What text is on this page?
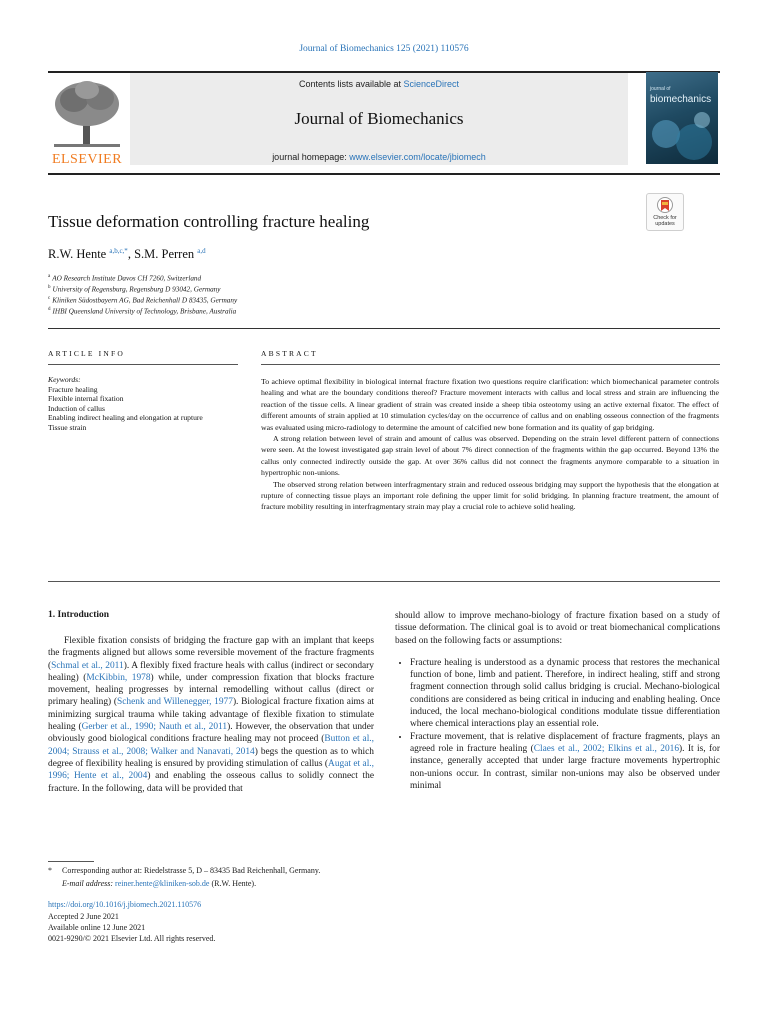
Journal of Biomechanics 125 (2021) 110576
ELSEVIER
Contents lists available at ScienceDirect
Journal of Biomechanics
journal homepage: www.elsevier.com/locate/jbiomech
journal of
biomechanics
Check for
updates
Tissue deformation controlling fracture healing
R.W. Hente $^{a,b,c,*}$, S.M. Perren $^{a,d}$
$^a$ AO Research Institute Davos CH 7260, Switzerland
$^b$ University of Regensburg, Regensburg D 93042, Germany
$^c$ Kliniken Südostbayern AG, Bad Reichenhall D 83435, Germany
$^d$ IHBI Queensland University of Technology, Brisbane, Australia
ARTICLE INFO
Keywords:
Fracture healing
Flexible internal fixation
Induction of callus
Enabling indirect healing and elongation at rupture
Tissue strain
ABSTRACT

To achieve optimal flexibility in biological internal fracture fixation two questions require clarification: which biomechanical parameter controls healing and what are the boundary conditions thereof? Fracture movement interacts with callus and local stress and strain are influencing the reaction of the tissue cells. A linear gradient of strain was created inside a sheep tibia osteotomy using an active external fixator. The effect of different amounts of strain applied at 10 stimulation cycles/day on the occurrence of callus and on enabling osseous connection of the fragments was evaluated using micro-radiology to determine the amount of calcified new bone formation and its quality of gap bridging.

A strong relation between level of strain and amount of callus was observed. Depending on the strain level different pattern of connections were seen. At the lowest investigated gap strain level of about 7% direct connection of the fragments within the gap occurred. Beyond 13% the callus only connected indirectly outside the gap. At over 36% callus did not connect the fragments anymore comparable to a situation in hypertrophic non-unions.

The observed strong relation between interfragmentary strain and reduced osseous bridging may support the hypothesis that the elongation at rupture of connecting tissue plays an important role defining the upper limit for solid bridging. In planning fracture treatment, the amount of fracture mobility resulting in interfragmentary strain may play a crucial role to achieve solid healing.

1. Introduction

Flexible fixation consists of bridging the fracture gap with an implant that keeps the fragments aligned but allows some reversible movement of the fracture fragments (Schmal et al., 2011). A flexibly fixed fracture heals with callus (indirect or secondary healing) (McKibbin, 1978) while, under compression fixation that blocks fracture movement, healing progresses by internal remodelling without callus (direct or primary healing) (Schenk and Willenegger, 1977). Biological fracture fixation aims at minimizing surgical trauma while taking advantage of flexible fixation to stimulate healing (Gerber et al., 1990; Nauth et al., 2011). However, the observation that under obviously good biological conditions fracture healing may not proceed (Button et al., 2004; Strauss et al., 2008; Walker and Nanavati, 2014) begs the question as to which degree of flexibility healing is ensured by providing stimulation of callus (Augat et al., 1996; Hente et al., 2004) and enabling the osseous callus to solidly connect the fracture. In the following, data will be provided that

should allow to improve mechano-biology of fracture fixation based on a study of tissue deformation. The clinical goal is to avoid or treat biomechanical complications based on the following facts or assumptions:

• Fracture healing is understood as a dynamic process that restores the mechanical function of bone, limb and patient. Therefore, in indirect healing, stiff and strong fragment connection through solid callus bridging is crucial. Mechano-biological conditions are considered as being critical in inducing and enabling healing. Once induced, the local mechano-biological conditions modulate tissue differentiation where chemical interactions play an essential role.
• Fracture movement, that is relative displacement of fracture fragments, plays an agreed role in fracture healing (Claes et al., 2002; Elkins et al., 2016). It is, for instance, generally accepted that under large fracture movements hypertrophic non-unions occur. In contrast, similar non-unions may also be observed under minimal
* Corresponding author at: Riedelstrasse 5, D – 83435 Bad Reichenhall, Germany.
E-mail address: reiner.hente@kliniken-sob.de (R.W. Hente).
https://doi.org/10.1016/j.jbiomech.2021.110576
Accepted 2 June 2021
Available online 12 June 2021
0021-9290/© 2021 Elsevier Ltd. All rights reserved.
